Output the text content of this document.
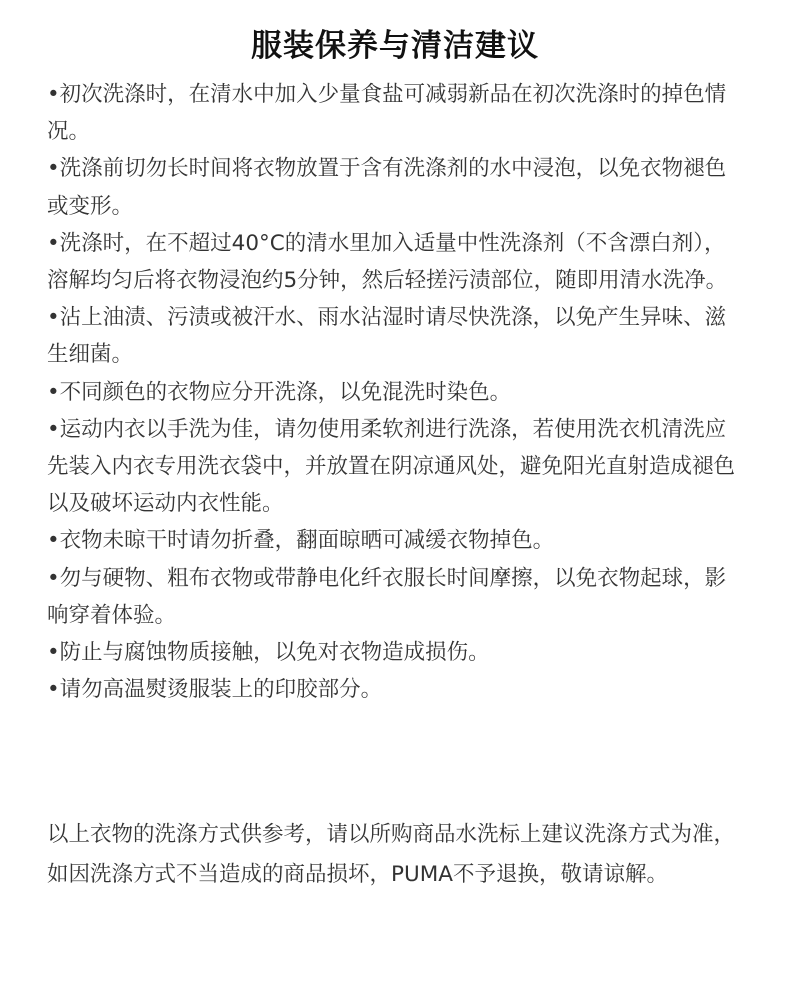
服装保养与清洁建议
•初次洗涤时，在清水中加入少量食盐可减弱新品在初次洗涤时的掉色情况。
•洗涤前切勿长时间将衣物放置于含有洗涤剂的水中浸泡，以免衣物褪色或变形。
•洗涤时，在不超过40°C的清水里加入适量中性洗涤剂（不含漂白剂），溶解均匀后将衣物浸泡约5分钟，然后轻搓污渍部位，随即用清水洗净。
•沾上油渍、污渍或被汗水、雨水沾湿时请尽快洗涤，以免产生异味、滋生细菌。
•不同颜色的衣物应分开洗涤，以免混洗时染色。
•运动内衣以手洗为佳，请勿使用柔软剂进行洗涤，若使用洗衣机清洗应先装入内衣专用洗衣袋中，并放置在阴凉通风处，避免阳光直射造成褪色以及破坏运动内衣性能。
•衣物未晾干时请勿折叠，翻面晾晒可减缓衣物掉色。
•勿与硬物、粗布衣物或带静电化纤衣服长时间摩擦，以免衣物起球，影响穿着体验。
•防止与腐蚀物质接触，以免对衣物造成损伤。
•请勿高温熨烫服装上的印胶部分。

以上衣物的洗涤方式供参考，请以所购商品水洗标上建议洗涤方式为准，如因洗涤方式不当造成的商品损坏，PUMA不予退换，敬请谅解。
